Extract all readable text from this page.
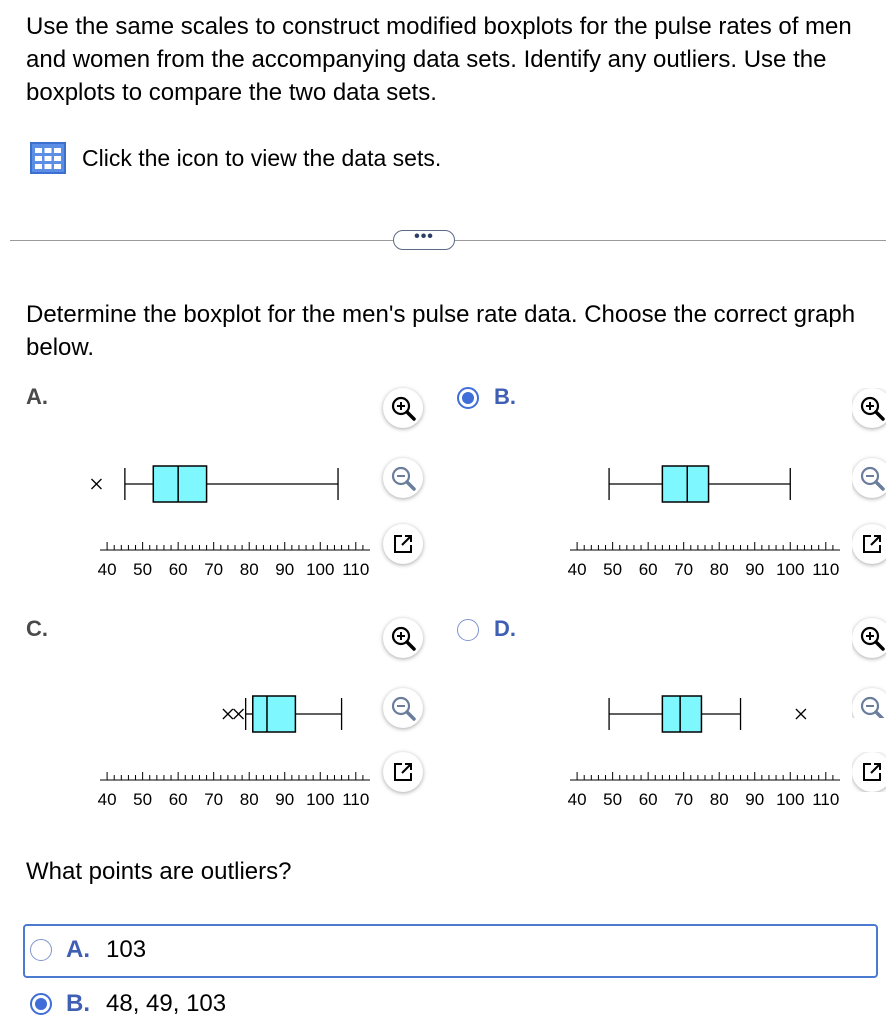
Use the same scales to construct modified boxplots for the pulse rates of men and women from the accompanying data sets. Identify any outliers. Use the boxplots to compare the two data sets.

Click the icon to view the data sets.
•••

Determine the boxplot for the men's pulse rate data. Choose the correct graph below.

A.
40 50 60 70 80 90 100 110
B.
40 50 60 70 80 90 100 110
C.
40 50 60 70 80 90 100 110
D.
40 50 60 70 80 90 100 110
What points are outliers?
A. 103
B. 48, 49, 103
